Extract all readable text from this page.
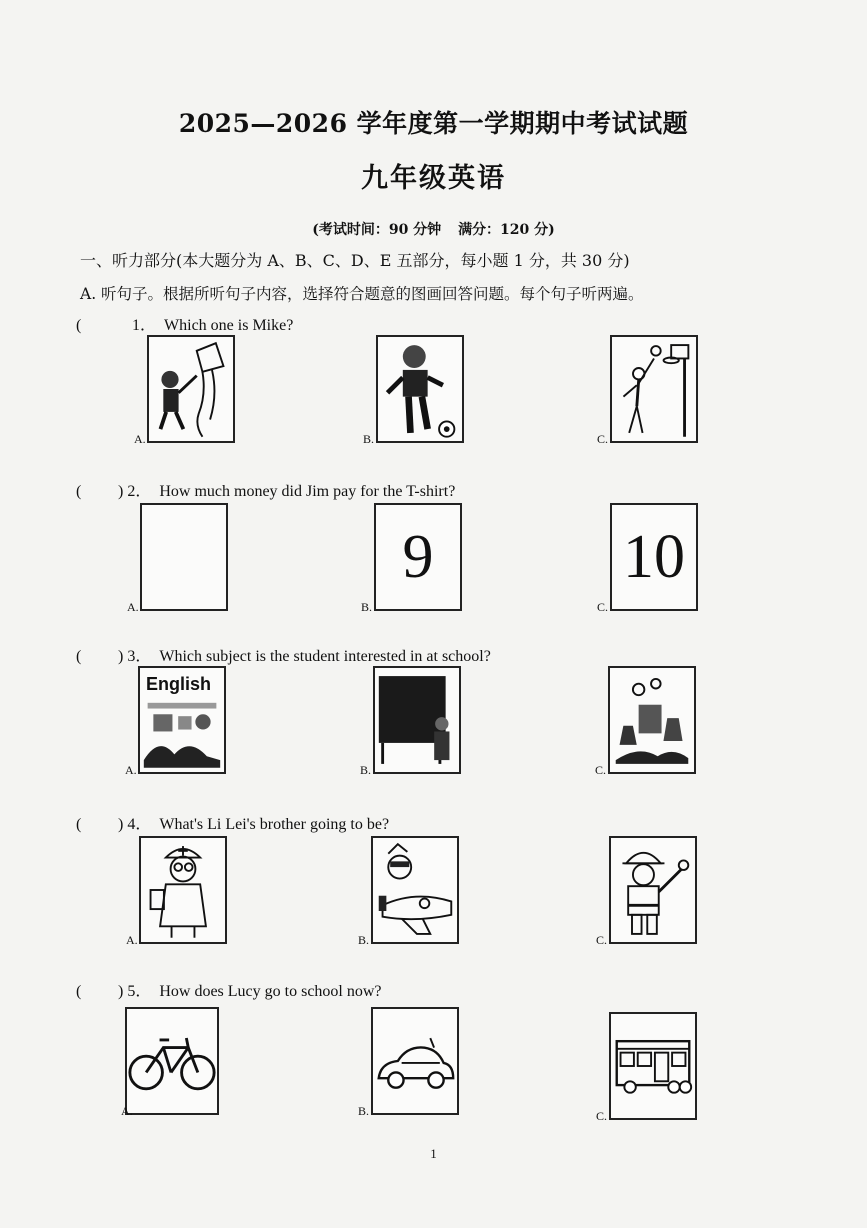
2025—2026 学年度第一学期期中考试试题
九年级英语
(考试时间：90 分钟 满分：120 分)
一、听力部分(本大题分为 A、B、C、D、E 五部分，每小题 1 分，共 30 分)
A. 听句子。根据所听句子内容，选择符合题意的图画回答问题。每个句子听两遍。
(	1． Which one is Mike?
A.	B.	C.
( ) 2． How much money did Jim pay for the T-shirt?
A.
9
B.
10
C.
( ) 3． Which subject is the student interested in at school?
English
A.	B.	C.
( ) 4． What's Li Lei's brother going to be?
A.	B.	C.
( ) 5． How does Lucy go to school now?
A.	B.	C.
1
